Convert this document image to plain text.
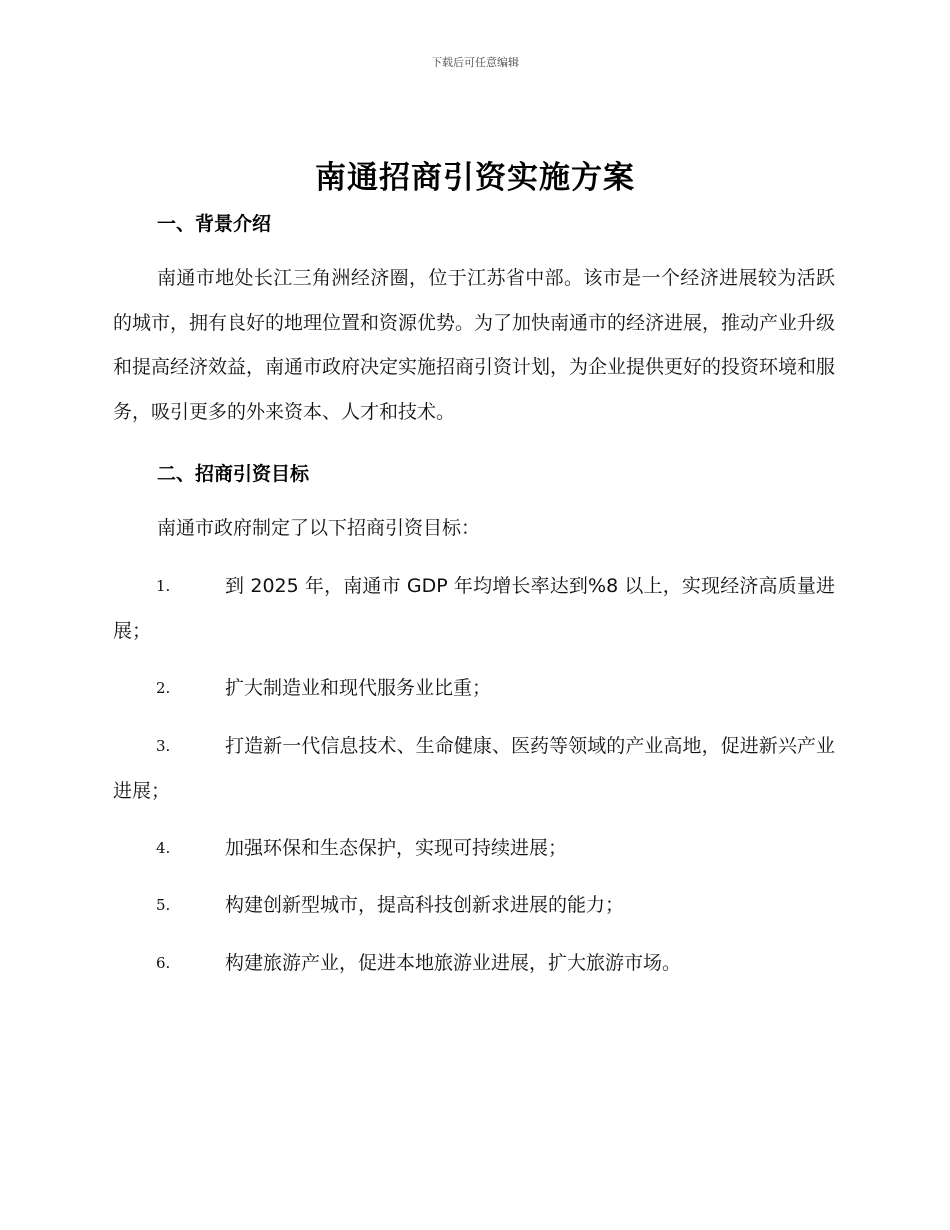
下载后可任意编辑
南通招商引资实施方案
一、背景介绍
南通市地处长江三角洲经济圈，位于江苏省中部。该市是一个经济进展较为活跃的城市，拥有良好的地理位置和资源优势。为了加快南通市的经济进展，推动产业升级和提高经济效益，南通市政府决定实施招商引资计划，为企业提供更好的投资环境和服务，吸引更多的外来资本、人才和技术。
二、招商引资目标
南通市政府制定了以下招商引资目标：
1.	到 2025 年，南通市 GDP 年均增长率达到%8 以上，实现经济高质量进展；
2.	扩大制造业和现代服务业比重；
3.	打造新一代信息技术、生命健康、医药等领域的产业高地，促进新兴产业进展；
4.	加强环保和生态保护，实现可持续进展；
5.	构建创新型城市，提高科技创新求进展的能力；
6.	构建旅游产业，促进本地旅游业进展，扩大旅游市场。
